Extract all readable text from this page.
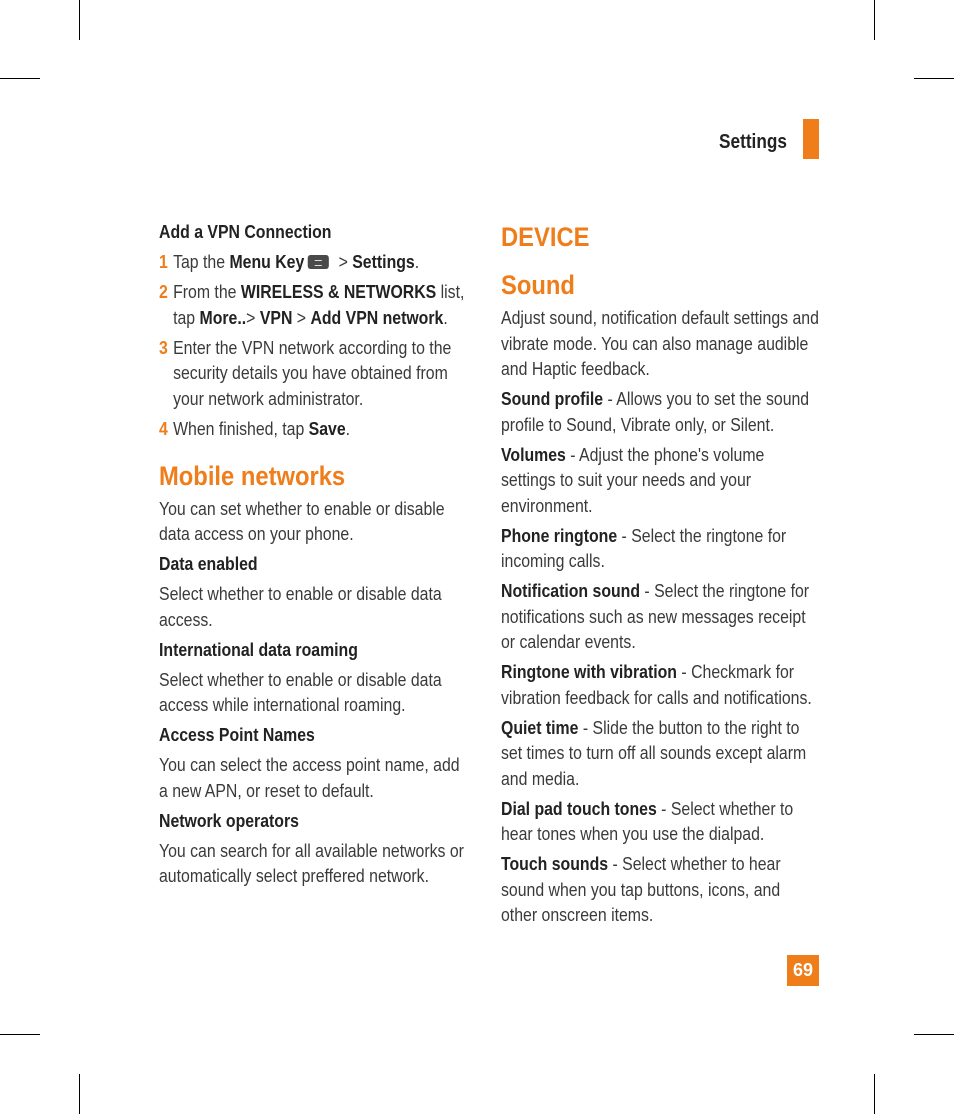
Settings

Add a VPN Connection

1 Tap the Menu Key > Settings.
2 From the WIRELESS & NETWORKS list, tap More..> VPN > Add VPN network.
3 Enter the VPN network according to the security details you have obtained from your network administrator.
4 When finished, tap Save.

Mobile networks

You can set whether to enable or disable data access on your phone.

Data enabled

Select whether to enable or disable data access.

International data roaming

Select whether to enable or disable data access while international roaming.

Access Point Names

You can select the access point name, add a new APN, or reset to default.

Network operators

You can search for all available networks or automatically select preffered network.

DEVICE

Sound

Adjust sound, notification default settings and vibrate mode. You can also manage audible and Haptic feedback.

Sound profile - Allows you to set the sound profile to Sound, Vibrate only, or Silent.

Volumes - Adjust the phone's volume settings to suit your needs and your environment.

Phone ringtone - Select the ringtone for incoming calls.

Notification sound - Select the ringtone for notifications such as new messages receipt or calendar events.

Ringtone with vibration - Checkmark for vibration feedback for calls and notifications.

Quiet time - Slide the button to the right to set times to turn off all sounds except alarm and media.

Dial pad touch tones - Select whether to hear tones when you use the dialpad.

Touch sounds - Select whether to hear sound when you tap buttons, icons, and other onscreen items.

69
